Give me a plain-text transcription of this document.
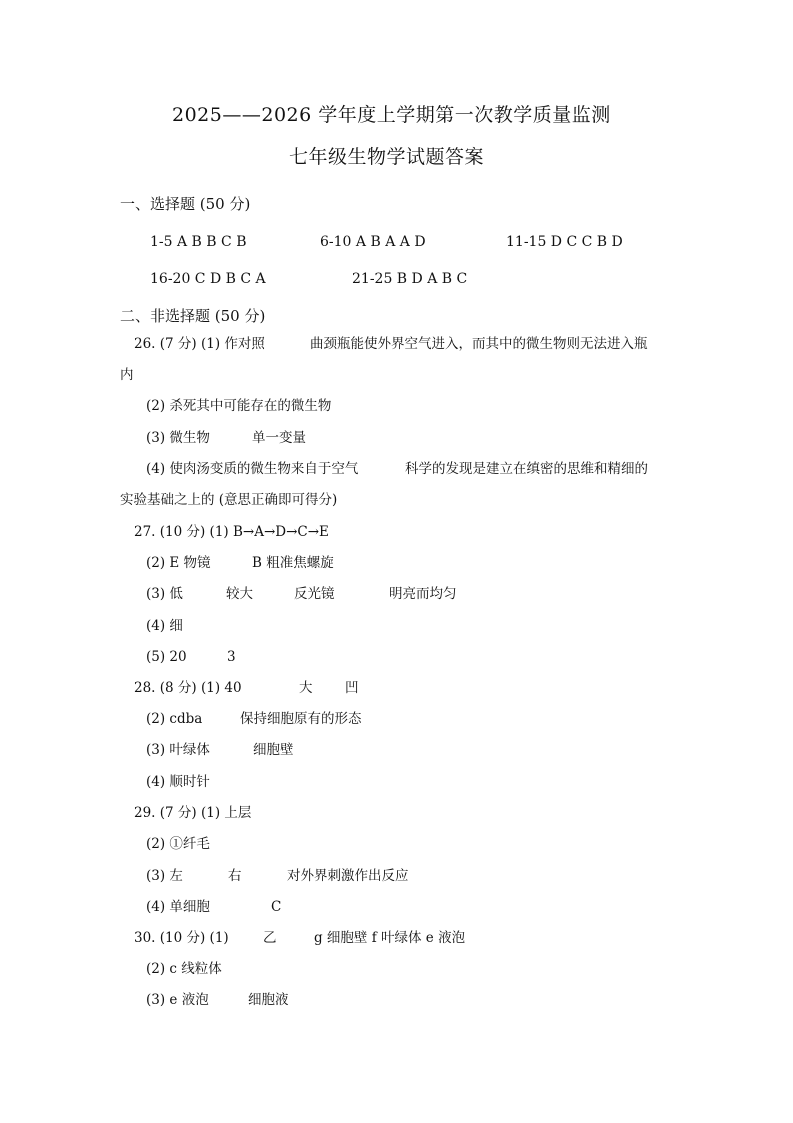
2025——2026 学年度上学期第一次教学质量监测
七年级生物学试题答案
一、选择题 (50 分)
1-5 A B B C B	6-10 A B A A D	11-15 D C C B D
16-20 C D B C A	21-25 B D A B C
二、非选择题 (50 分)
26. (7 分) (1) 作对照	曲颈瓶能使外界空气进入，而其中的微生物则无法进入瓶
内
(2) 杀死其中可能存在的微生物
(3) 微生物	单一变量
(4) 使肉汤变质的微生物来自于空气	科学的发现是建立在缜密的思维和精细的
实验基础之上的 (意思正确即可得分)
27. (10 分) (1) B→A→D→C→E
(2) E 物镜	B 粗准焦螺旋
(3) 低	较大	反光镜	明亮而均匀
(4) 细
(5) 20	3
28. (8 分) (1) 40	大 凹
(2) cdba	保持细胞原有的形态
(3) 叶绿体	细胞壁
(4) 顺时针
29. (7 分) (1) 上层
(2) ①纤毛
(3) 左	右	对外界刺激作出反应
(4) 单细胞	C
30. (10 分) (1)	乙	g 细胞壁 f 叶绿体 e 液泡
(2) c 线粒体
(3) e 液泡	细胞液
